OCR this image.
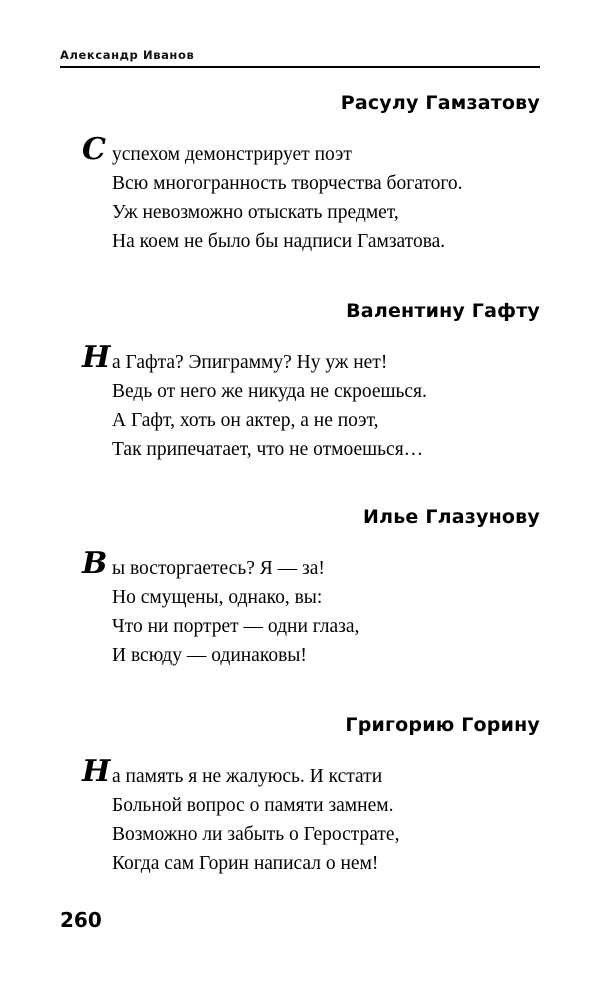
Александр Иванов
Расулу Гамзатову
С успехом демонстрирует поэт
Всю многогранность творчества богатого.
Уж невозможно отыскать предмет,
На коем не было бы надписи Гамзатова.
Валентину Гафту
Н а Гафта? Эпиграмму? Ну уж нет!
Ведь от него же никуда не скроешься.
А Гафт, хоть он актер, а не поэт,
Так припечатает, что не отмоешься…
Илье Глазунову
В ы восторгаетесь? Я — за!
Но смущены, однако, вы:
Что ни портрет — одни глаза,
И всюду — одинаковы!
Григорию Горину
Н а память я не жалуюсь. И кстати
Больной вопрос о памяти замнем.
Возможно ли забыть о Герострате,
Когда сам Горин написал о нем!
260
